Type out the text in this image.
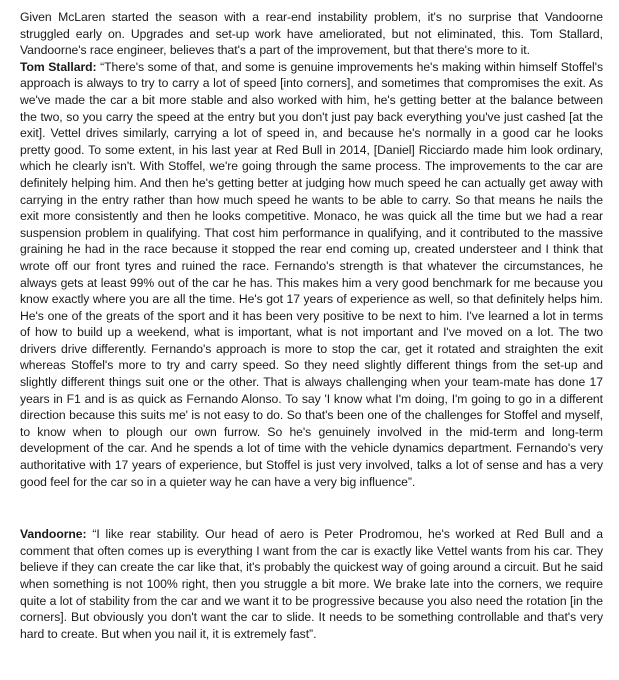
Given McLaren started the season with a rear-end instability problem, it's no surprise that Vandoorne struggled early on. Upgrades and set-up work have ameliorated, but not eliminated, this. Tom Stallard, Vandoorne's race engineer, believes that's a part of the improvement, but that there's more to it.
Tom Stallard: “There's some of that, and some is genuine improvements he's making within himself Stoffel's approach is always to try to carry a lot of speed [into corners], and sometimes that compromises the exit. As we've made the car a bit more stable and also worked with him, he's getting better at the balance between the two, so you carry the speed at the entry but you don't just pay back everything you've just cashed [at the exit]. Vettel drives similarly, carrying a lot of speed in, and because he's normally in a good car he looks pretty good. To some extent, in his last year at Red Bull in 2014, [Daniel] Ricciardo made him look ordinary, which he clearly isn't. With Stoffel, we're going through the same process. The improvements to the car are definitely helping him. And then he's getting better at judging how much speed he can actually get away with carrying in the entry rather than how much speed he wants to be able to carry. So that means he nails the exit more consistently and then he looks competitive. Monaco, he was quick all the time but we had a rear suspension problem in qualifying. That cost him performance in qualifying, and it contributed to the massive graining he had in the race because it stopped the rear end coming up, created understeer and I think that wrote off our front tyres and ruined the race. Fernando's strength is that whatever the circumstances, he always gets at least 99% out of the car he has. This makes him a very good benchmark for me because you know exactly where you are all the time. He's got 17 years of experience as well, so that definitely helps him. He's one of the greats of the sport and it has been very positive to be next to him. I've learned a lot in terms of how to build up a weekend, what is important, what is not important and I've moved on a lot. The two drivers drive differently. Fernando's approach is more to stop the car, get it rotated and straighten the exit whereas Stoffel's more to try and carry speed. So they need slightly different things from the set-up and slightly different things suit one or the other. That is always challenging when your team-mate has done 17 years in F1 and is as quick as Fernando Alonso. To say 'I know what I'm doing, I'm going to go in a different direction because this suits me' is not easy to do. So that's been one of the challenges for Stoffel and myself, to know when to plough our own furrow. So he's genuinely involved in the mid-term and long-term development of the car. And he spends a lot of time with the vehicle dynamics department. Fernando's very authoritative with 17 years of experience, but Stoffel is just very involved, talks a lot of sense and has a very good feel for the car so in a quieter way he can have a very big influence”.

Vandoorne: “I like rear stability. Our head of aero is Peter Prodromou, he's worked at Red Bull and a comment that often comes up is everything I want from the car is exactly like Vettel wants from his car. They believe if they can create the car like that, it's probably the quickest way of going around a circuit. But he said when something is not 100% right, then you struggle a bit more. We brake late into the corners, we require quite a lot of stability from the car and we want it to be progressive because you also need the rotation [in the corners]. But obviously you don't want the car to slide. It needs to be something controllable and that's very hard to create. But when you nail it, it is extremely fast”.
